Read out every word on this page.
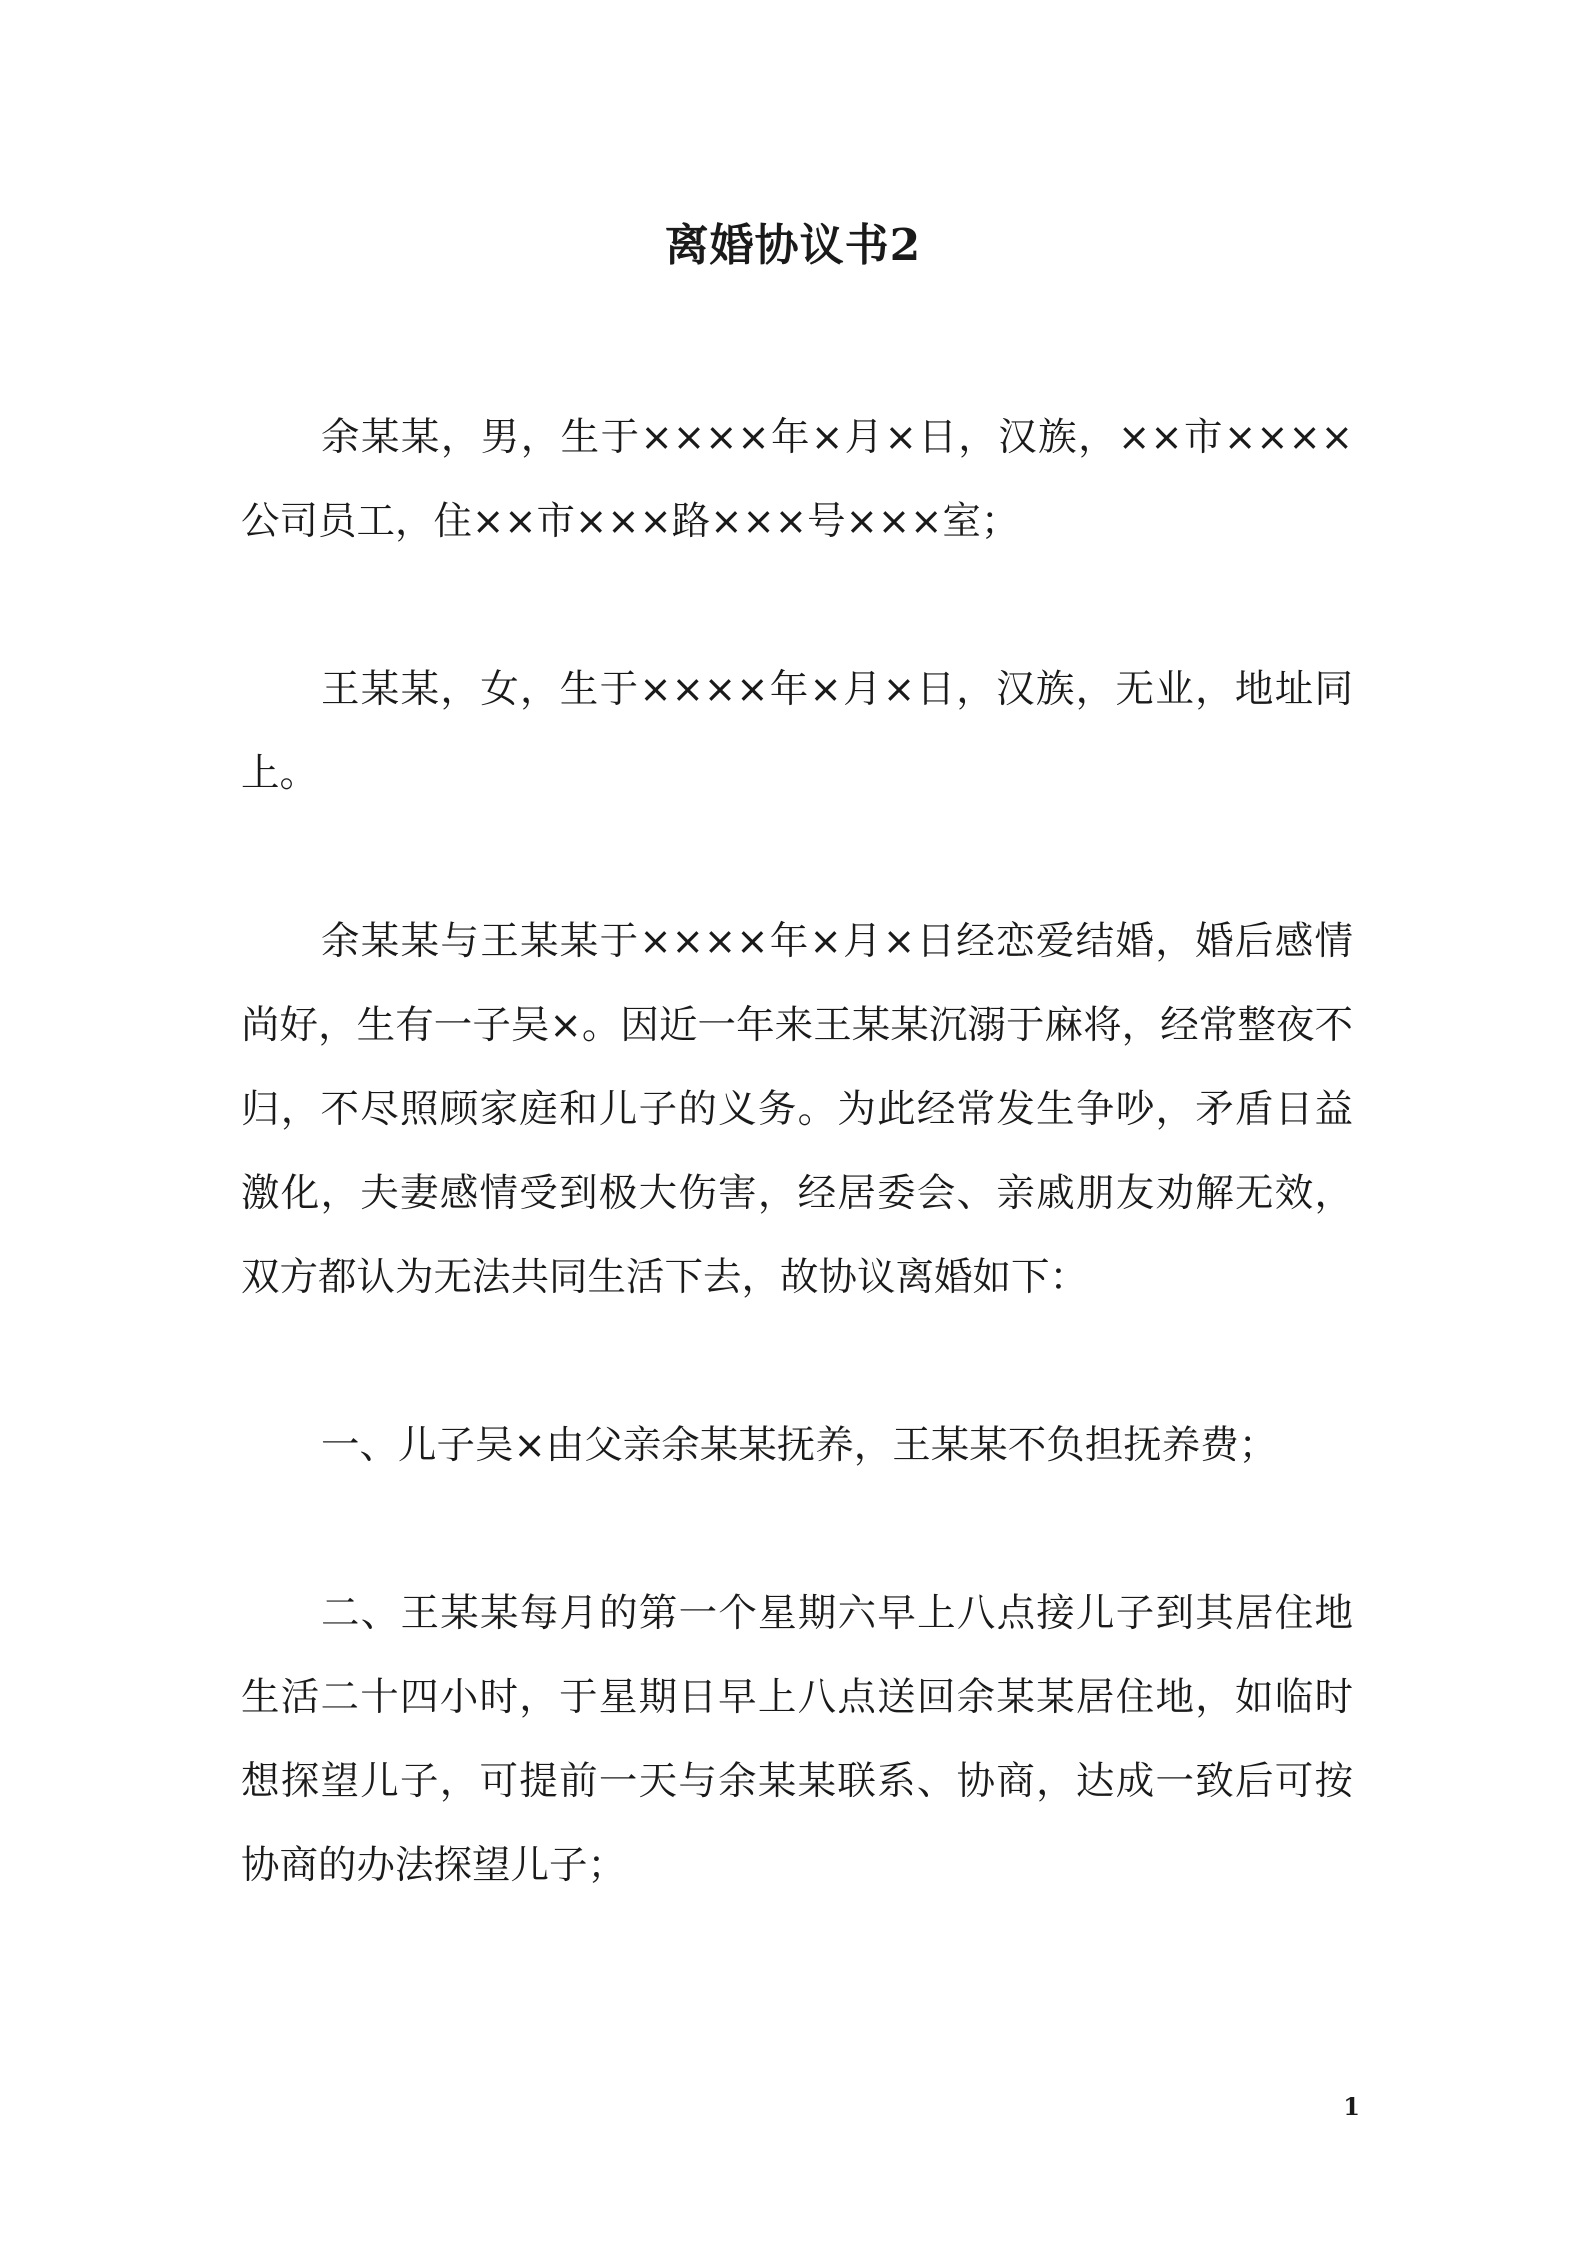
离婚协议书2

余某某，男，生于××××年×月×日，汉族，××市××××公司员工，住××市×××路×××号×××室；

王某某，女，生于××××年×月×日，汉族，无业，地址同上。

余某某与王某某于××××年×月×日经恋爱结婚，婚后感情尚好，生有一子吴×。因近一年来王某某沉溺于麻将，经常整夜不归，不尽照顾家庭和儿子的义务。为此经常发生争吵，矛盾日益激化，夫妻感情受到极大伤害，经居委会、亲戚朋友劝解无效，双方都认为无法共同生活下去，故协议离婚如下：

一、儿子吴×由父亲余某某抚养，王某某不负担抚养费；

二、王某某每月的第一个星期六早上八点接儿子到其居住地生活二十四小时，于星期日早上八点送回余某某居住地，如临时想探望儿子，可提前一天与余某某联系、协商，达成一致后可按协商的办法探望儿子；

1
